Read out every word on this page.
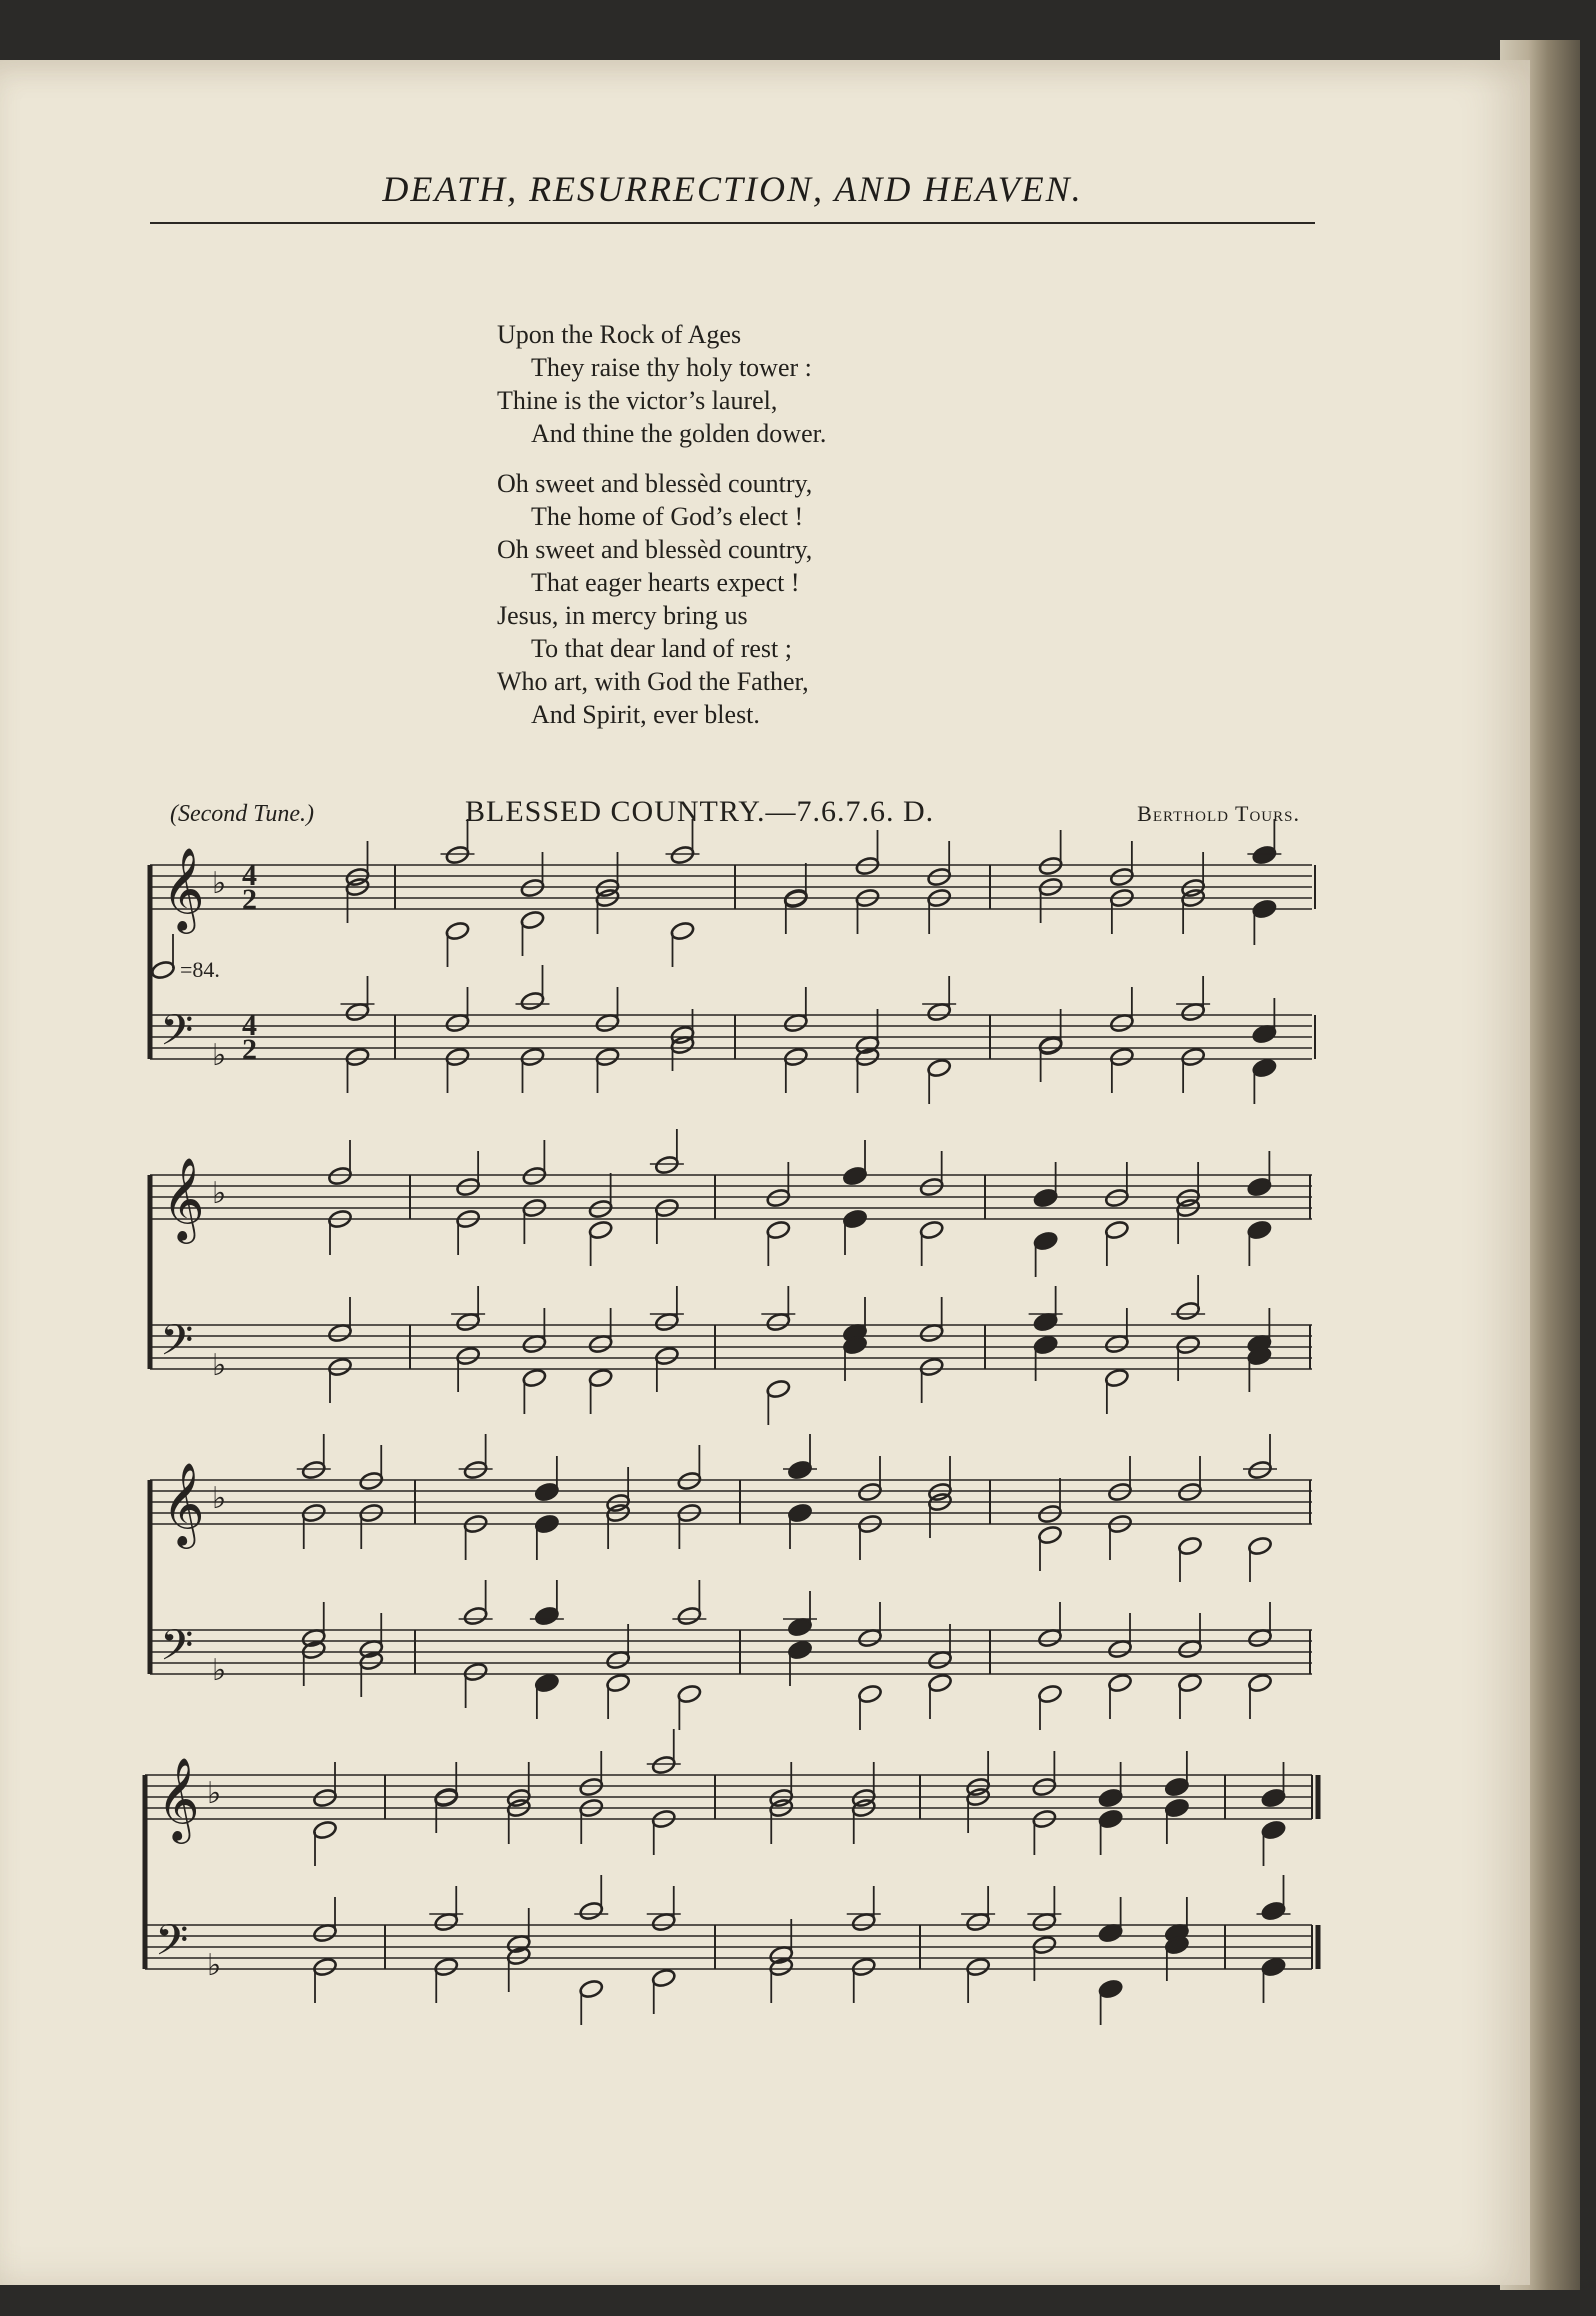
DEATH, RESURRECTION, AND HEAVEN.
Upon the Rock of Ages
They raise thy holy tower :
Thine is the victor’s laurel,
And thine the golden dower.
Oh sweet and blessèd country,
The home of God’s elect !
Oh sweet and blessèd country,
That eager hearts expect !
Jesus, in mercy bring us
To that dear land of rest ;
Who art, with God the Father,
And Spirit, ever blest.
(Second Tune.)	BLESSED COUNTRY.—7.6.7.6. D.	Berthold Tours.
𝄞
𝄢
♭
♭
4
2
4
2
=84.
𝄞
𝄢
♭
♭
𝄞
𝄢
♭
♭
𝄞
𝄢
♭
♭
